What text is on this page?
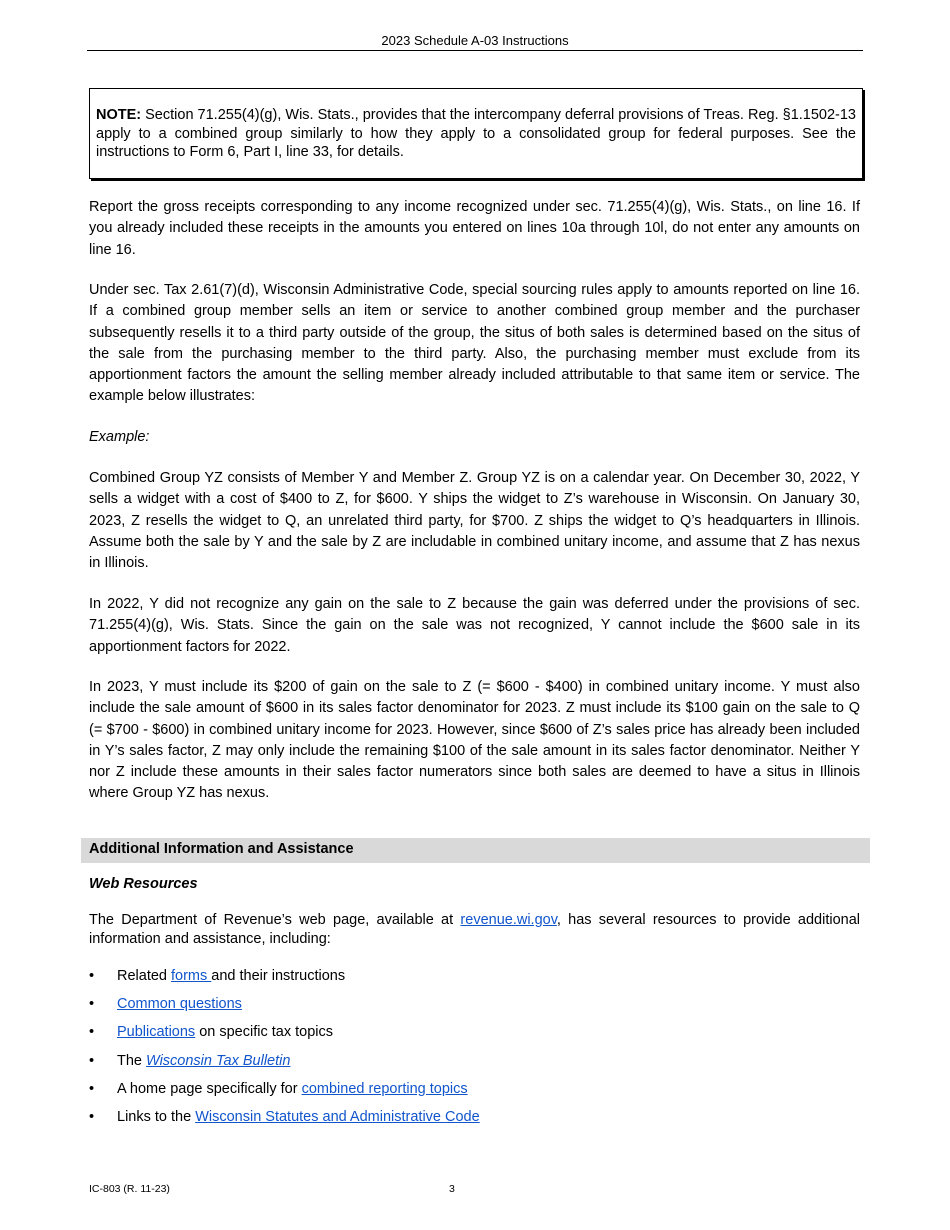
2023 Schedule A-03 Instructions
NOTE: Section 71.255(4)(g), Wis. Stats., provides that the intercompany deferral provisions of Treas. Reg. §1.1502-13 apply to a combined group similarly to how they apply to a consolidated group for federal purposes. See the instructions to Form 6, Part I, line 33, for details.

Report the gross receipts corresponding to any income recognized under sec. 71.255(4)(g), Wis. Stats., on line 16. If you already included these receipts in the amounts you entered on lines 10a through 10l, do not enter any amounts on line 16.

Under sec. Tax 2.61(7)(d), Wisconsin Administrative Code, special sourcing rules apply to amounts reported on line 16. If a combined group member sells an item or service to another combined group member and the purchaser subsequently resells it to a third party outside of the group, the situs of both sales is determined based on the situs of the sale from the purchasing member to the third party. Also, the purchasing member must exclude from its apportionment factors the amount the selling member already included attributable to that same item or service. The example below illustrates:

Example:

Combined Group YZ consists of Member Y and Member Z. Group YZ is on a calendar year. On December 30, 2022, Y sells a widget with a cost of $400 to Z, for $600. Y ships the widget to Z’s warehouse in Wisconsin. On January 30, 2023, Z resells the widget to Q, an unrelated third party, for $700. Z ships the widget to Q’s headquarters in Illinois. Assume both the sale by Y and the sale by Z are includable in combined unitary income, and assume that Z has nexus in Illinois.

In 2022, Y did not recognize any gain on the sale to Z because the gain was deferred under the provisions of sec. 71.255(4)(g), Wis. Stats. Since the gain on the sale was not recognized, Y cannot include the $600 sale in its apportionment factors for 2022.

In 2023, Y must include its $200 of gain on the sale to Z (= $600 - $400) in combined unitary income. Y must also include the sale amount of $600 in its sales factor denominator for 2023. Z must include its $100 gain on the sale to Q (= $700 - $600) in combined unitary income for 2023. However, since $600 of Z’s sales price has already been included in Y’s sales factor, Z may only include the remaining $100 of the sale amount in its sales factor denominator. Neither Y nor Z include these amounts in their sales factor numerators since both sales are deemed to have a situs in Illinois where Group YZ has nexus.

Additional Information and Assistance
Web Resources

The Department of Revenue’s web page, available at revenue.wi.gov, has several resources to provide additional information and assistance, including:

• Related forms and their instructions
• Common questions
• Publications on specific tax topics
• The Wisconsin Tax Bulletin
• A home page specifically for combined reporting topics
• Links to the Wisconsin Statutes and Administrative Code
IC-803 (R. 11-23)	3
